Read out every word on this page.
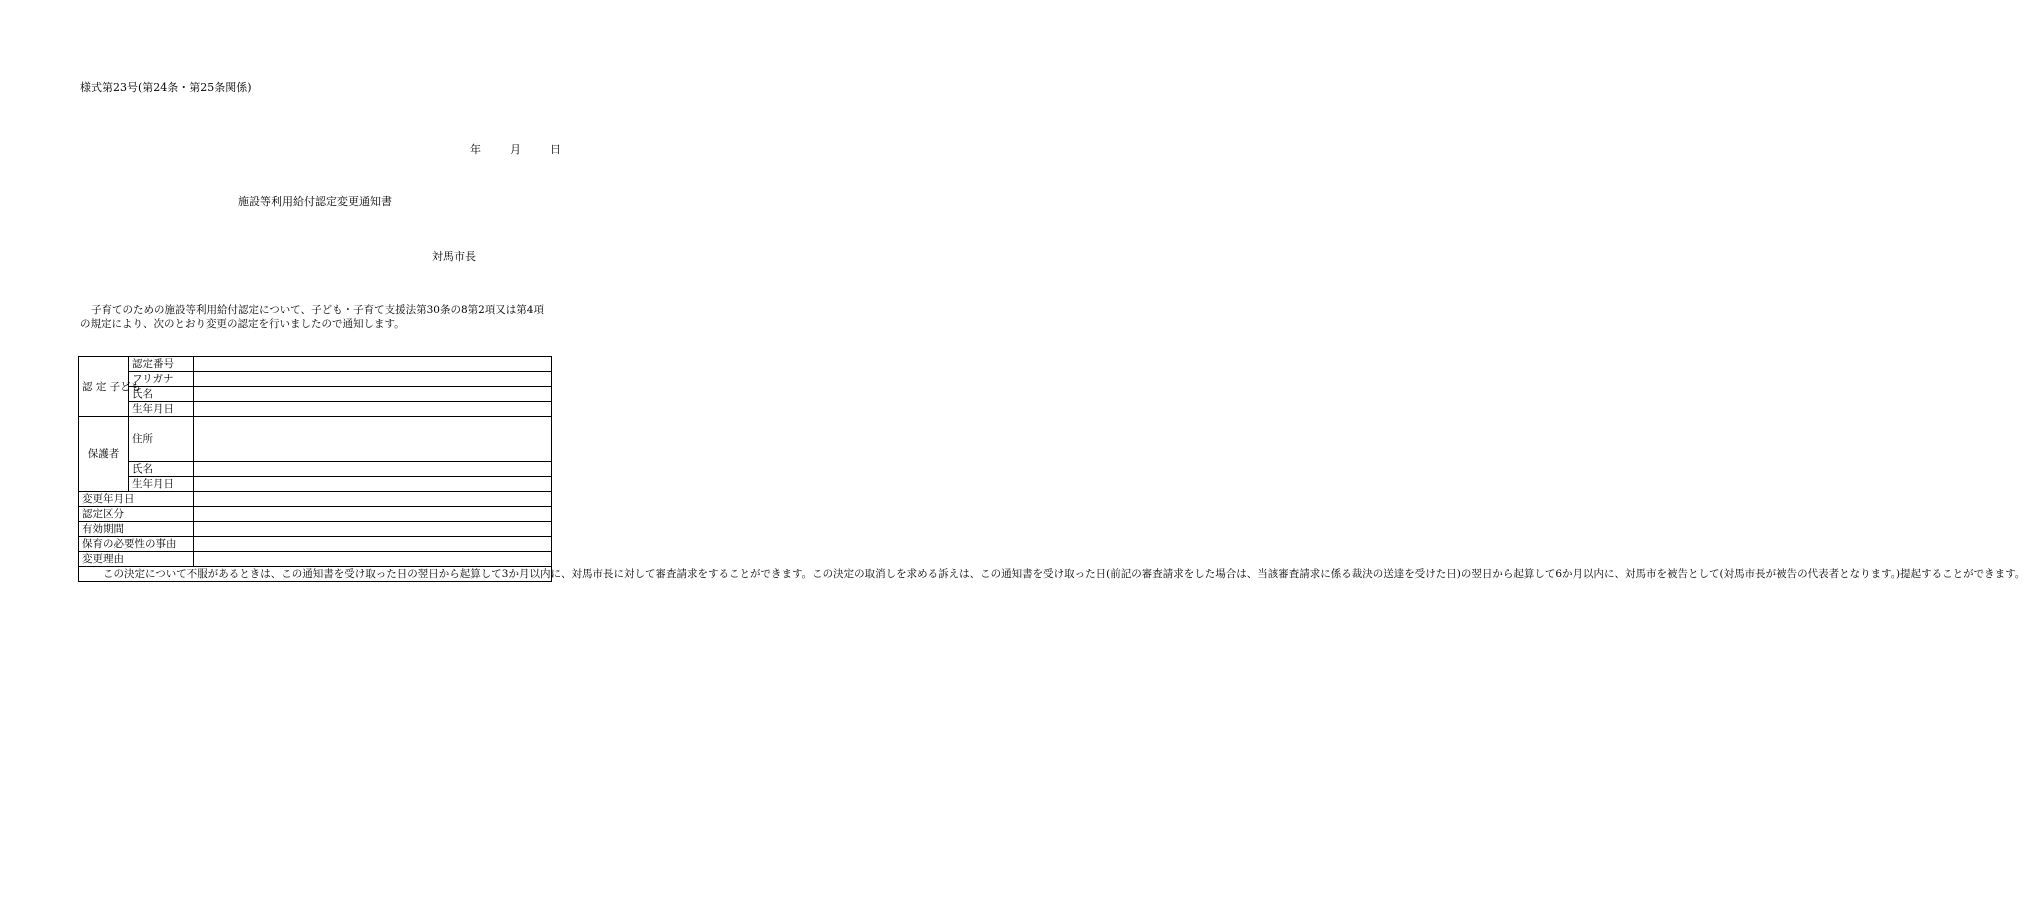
様式第23号(第24条・第25条関係)
年	月	日
施設等利用給付認定変更通知書
対馬市長
子育てのための施設等利用給付認定について、子ども・子育て支援法第30条の8第2項又は第4項の規定により、次のとおり変更の認定を行いましたので通知します。
認 定 子ども	認定番号	

	フリガナ	

	氏名	

	生年月日	

保護者	住所	

	氏名	

	生年月日	

変更年月日		

認定区分		

有効期間		

保育の必要性の事由		

変更理由		

この決定について不服があるときは、この通知書を受け取った日の翌日から起算して3か月以内に、対馬市長に対して審査請求をすることができます。この決定の取消しを求める訴えは、この通知書を受け取った日(前記の審査請求をした場合は、当該審査請求に係る裁決の送達を受けた日)の翌日から起算して6か月以内に、対馬市を被告として(対馬市長が被告の代表者となります。)提起することができます。		
